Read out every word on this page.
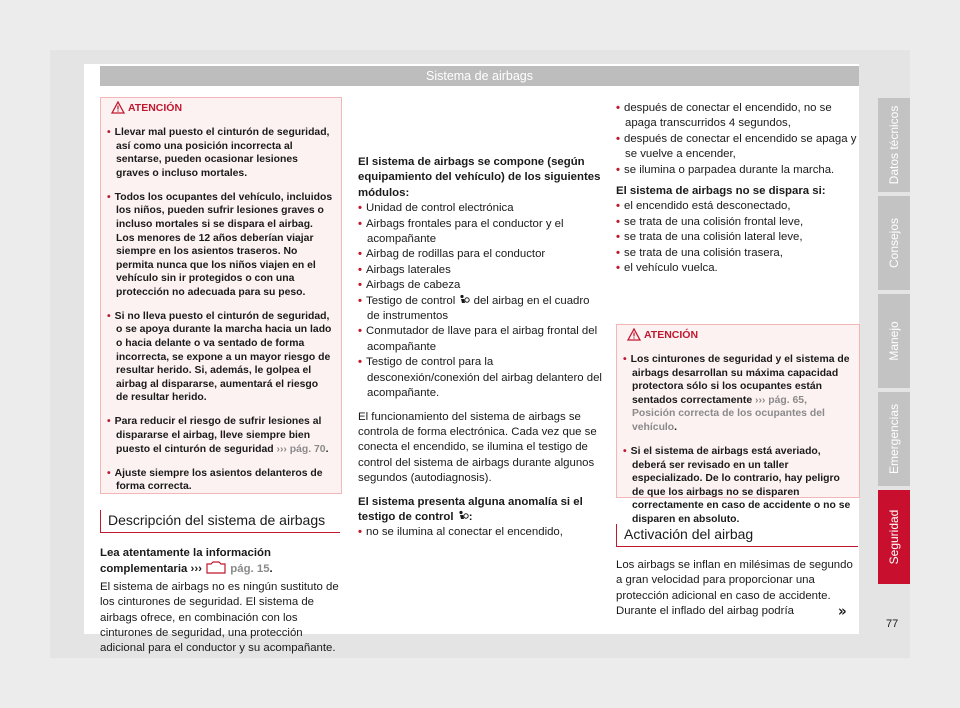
Sistema de airbags
ATENCIÓN

• Llevar mal puesto el cinturón de seguridad, así como una posición incorrecta al sentarse, pueden ocasionar lesiones graves o incluso mortales.

• Todos los ocupantes del vehículo, incluidos los niños, pueden sufrir lesiones graves o incluso mortales si se dispara el airbag. Los menores de 12 años deberían viajar siempre en los asientos traseros. No permita nunca que los niños viajen en el vehículo sin ir protegidos o con una protección no adecuada para su peso.

• Si no lleva puesto el cinturón de seguridad, o se apoya durante la marcha hacia un lado o hacia delante o va sentado de forma incorrecta, se expone a un mayor riesgo de resultar herido. Si, además, le golpea el airbag al dispararse, aumentará el riesgo de resultar herido.

• Para reducir el riesgo de sufrir lesiones al dispararse el airbag, lleve siempre bien puesto el cinturón de seguridad ››› pág. 70.

• Ajuste siempre los asientos delanteros de forma correcta.

Descripción del sistema de airbags

Lea atentamente la información complementaria ››› pág. 15.

El sistema de airbags no es ningún sustituto de los cinturones de seguridad. El sistema de airbags ofrece, en combinación con los cinturones de seguridad, una protección adicional para el conductor y su acompañante.

El sistema de airbags se compone (según equipamiento del vehículo) de los siguientes módulos:

• Unidad de control electrónica

• Airbags frontales para el conductor y el acompañante

• Airbag de rodillas para el conductor

• Airbags laterales

• Airbags de cabeza

• Testigo de control del airbag en el cuadro de instrumentos

• Conmutador de llave para el airbag frontal del acompañante

• Testigo de control para la desconexión/conexión del airbag delantero del acompañante.

El funcionamiento del sistema de airbags se controla de forma electrónica. Cada vez que se conecta el encendido, se ilumina el testigo de control del sistema de airbags durante algunos segundos (autodiagnosis).

El sistema presenta alguna anomalía si el testigo de control :

• no se ilumina al conectar el encendido,

• después de conectar el encendido, no se apaga transcurridos 4 segundos,

• después de conectar el encendido se apaga y se vuelve a encender,

• se ilumina o parpadea durante la marcha.

El sistema de airbags no se dispara si:

• el encendido está desconectado,

• se trata de una colisión frontal leve,

• se trata de una colisión lateral leve,

• se trata de una colisión trasera,

• el vehículo vuelca.

ATENCIÓN

• Los cinturones de seguridad y el sistema de airbags desarrollan su máxima capacidad protectora sólo si los ocupantes están sentados correctamente ››› pág. 65, Posición correcta de los ocupantes del vehículo.

• Si el sistema de airbags está averiado, deberá ser revisado en un taller especializado. De lo contrario, hay peligro de que los airbags no se disparen correctamente en caso de accidente o no se disparen en absoluto.

Activación del airbag

Los airbags se inflan en milésimas de segundo a gran velocidad para proporcionar una protección adicional en caso de accidente. Durante el inflado del airbag podría

Datos técnicos
Consejos
Manejo
Emergencias
Seguridad
»
77
